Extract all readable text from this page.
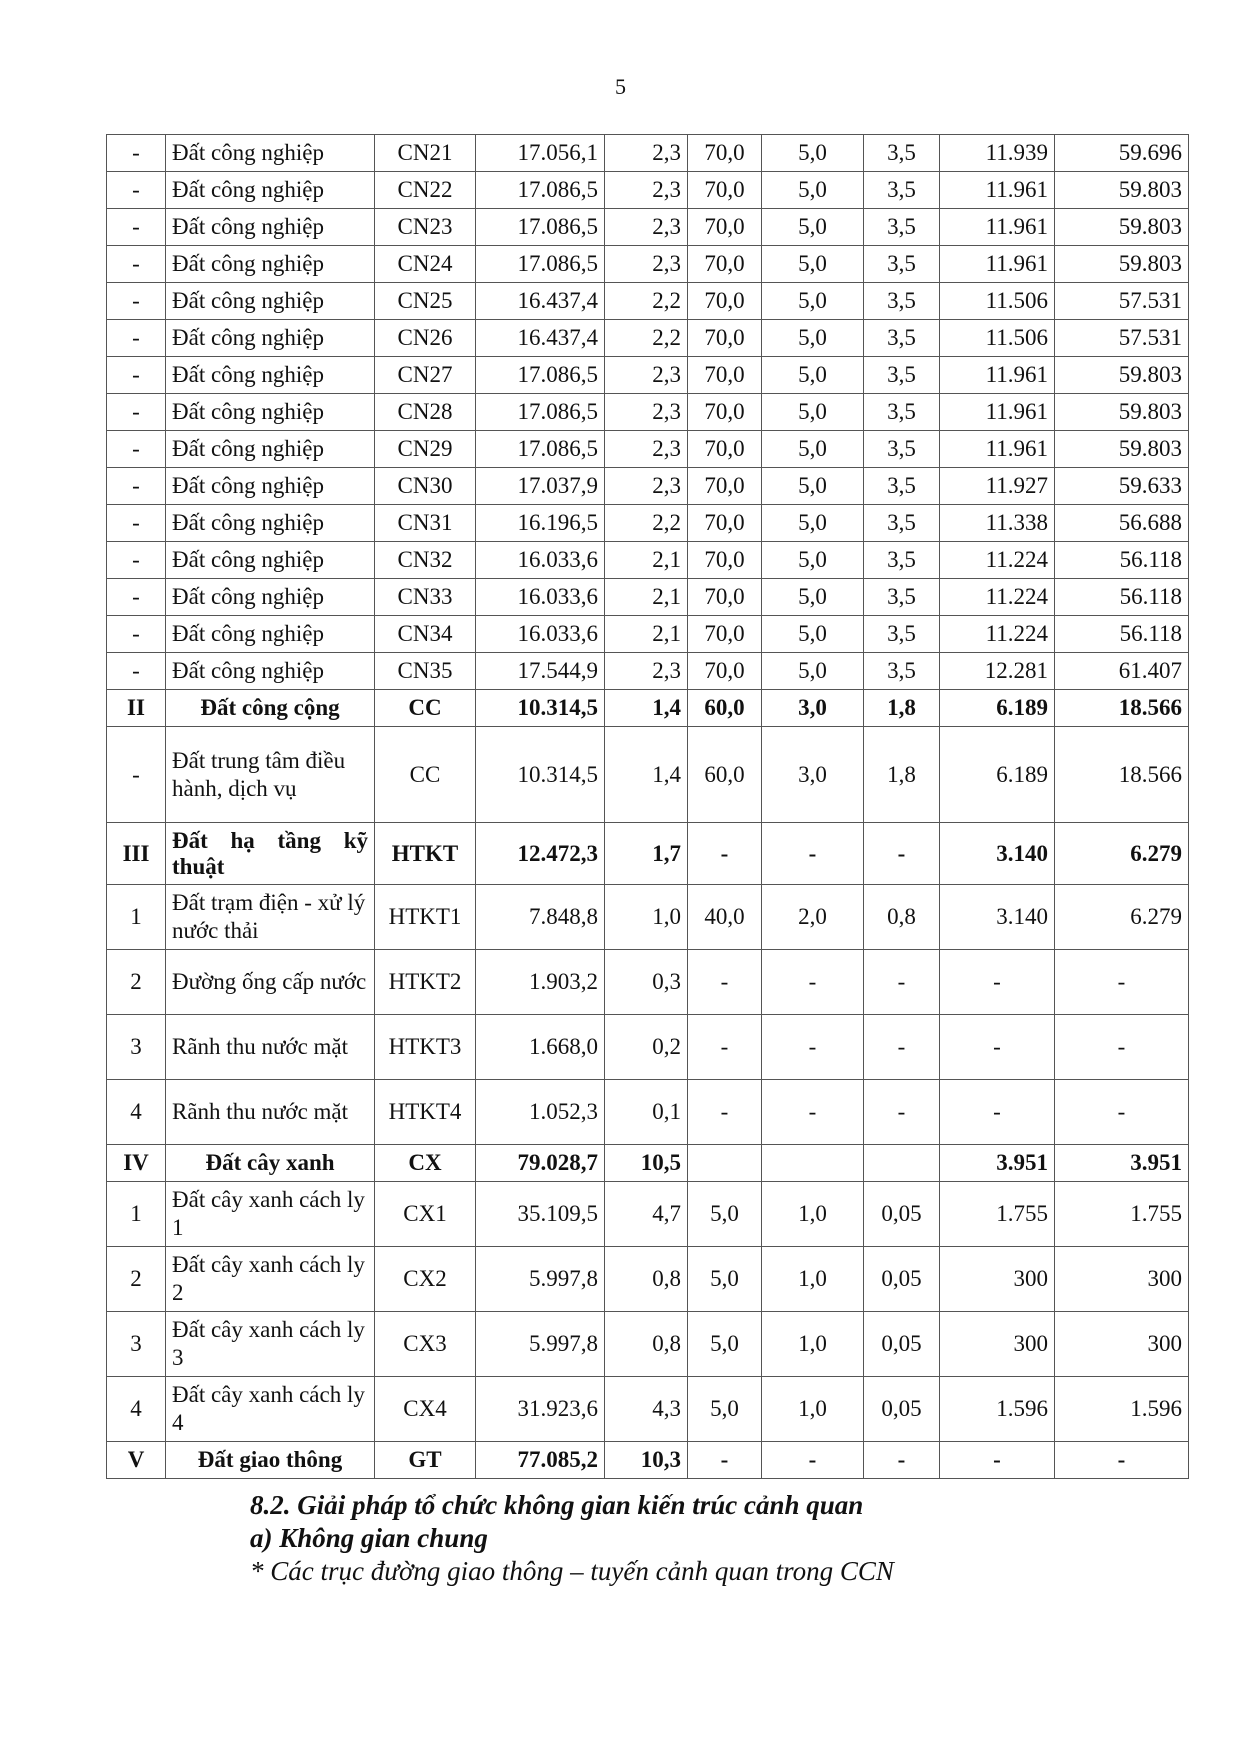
5
-	Đất công nghiệp	CN21	17.056,1	2,3	70,0	5,0	3,5	11.939	59.696
-	Đất công nghiệp	CN22	17.086,5	2,3	70,0	5,0	3,5	11.961	59.803
-	Đất công nghiệp	CN23	17.086,5	2,3	70,0	5,0	3,5	11.961	59.803
-	Đất công nghiệp	CN24	17.086,5	2,3	70,0	5,0	3,5	11.961	59.803
-	Đất công nghiệp	CN25	16.437,4	2,2	70,0	5,0	3,5	11.506	57.531
-	Đất công nghiệp	CN26	16.437,4	2,2	70,0	5,0	3,5	11.506	57.531
-	Đất công nghiệp	CN27	17.086,5	2,3	70,0	5,0	3,5	11.961	59.803
-	Đất công nghiệp	CN28	17.086,5	2,3	70,0	5,0	3,5	11.961	59.803
-	Đất công nghiệp	CN29	17.086,5	2,3	70,0	5,0	3,5	11.961	59.803
-	Đất công nghiệp	CN30	17.037,9	2,3	70,0	5,0	3,5	11.927	59.633
-	Đất công nghiệp	CN31	16.196,5	2,2	70,0	5,0	3,5	11.338	56.688
-	Đất công nghiệp	CN32	16.033,6	2,1	70,0	5,0	3,5	11.224	56.118
-	Đất công nghiệp	CN33	16.033,6	2,1	70,0	5,0	3,5	11.224	56.118
-	Đất công nghiệp	CN34	16.033,6	2,1	70,0	5,0	3,5	11.224	56.118
-	Đất công nghiệp	CN35	17.544,9	2,3	70,0	5,0	3,5	12.281	61.407
II	Đất công cộng	CC	10.314,5	1,4	60,0	3,0	1,8	6.189	18.566
-	Đất trung tâm điều hành, dịch vụ	CC	10.314,5	1,4	60,0	3,0	1,8	6.189	18.566
III	Đất hạ tầng kỹ thuật	HTKT	12.472,3	1,7	-	-	-	3.140	6.279
1	Đất trạm điện - xử lý nước thải	HTKT1	7.848,8	1,0	40,0	2,0	0,8	3.140	6.279
2	Đường ống cấp nước	HTKT2	1.903,2	0,3	-	-	-	-	-
3	Rãnh thu nước mặt	HTKT3	1.668,0	0,2	-	-	-	-	-
4	Rãnh thu nước mặt	HTKT4	1.052,3	0,1	-	-	-	-	-
IV	Đất cây xanh	CX	79.028,7	10,5				3.951	3.951
1	Đất cây xanh cách ly 1	CX1	35.109,5	4,7	5,0	1,0	0,05	1.755	1.755
2	Đất cây xanh cách ly 2	CX2	5.997,8	0,8	5,0	1,0	0,05	300	300
3	Đất cây xanh cách ly 3	CX3	5.997,8	0,8	5,0	1,0	0,05	300	300
4	Đất cây xanh cách ly 4	CX4	31.923,6	4,3	5,0	1,0	0,05	1.596	1.596
V	Đất giao thông	GT	77.085,2	10,3	-	-	-	-	-
8.2. Giải pháp tổ chức không gian kiến trúc cảnh quan
a) Không gian chung
* Các trục đường giao thông – tuyến cảnh quan trong CCN
